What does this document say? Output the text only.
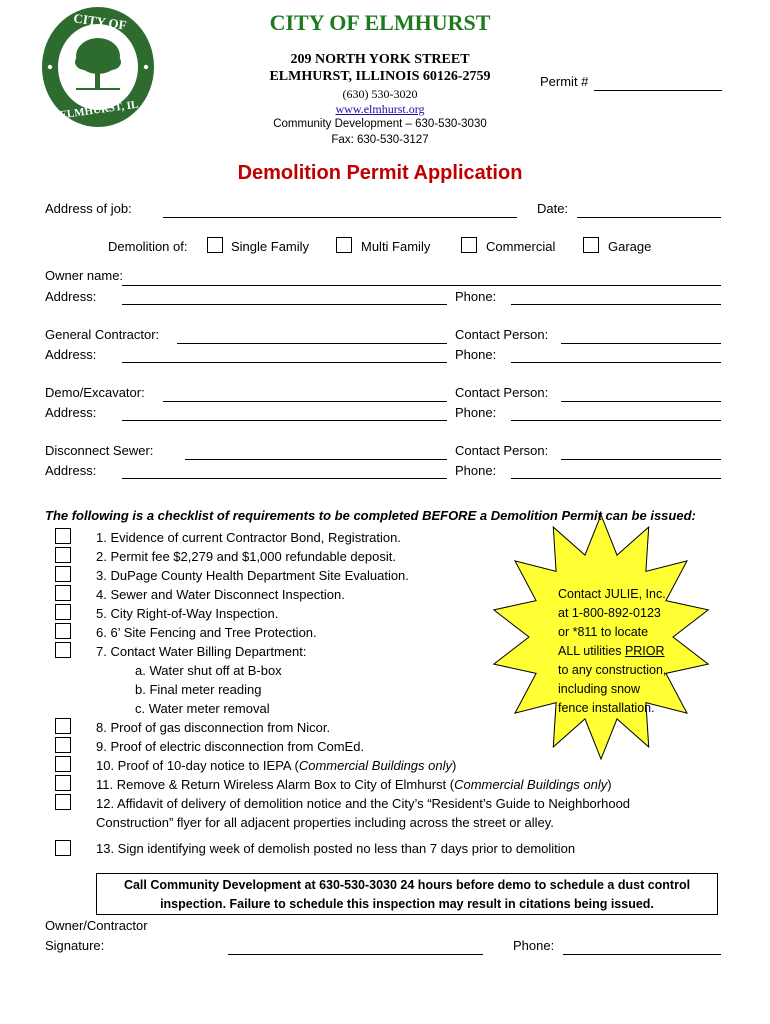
CITY OF
ELMHURST, IL
CITY OF ELMHURST
209 NORTH YORK STREET
ELMHURST, ILLINOIS 60126-2759
(630) 530-3020
www.elmhurst.org
Community Development – 630-530-3030
Fax: 630-530-3127
Permit #
Demolition Permit Application
Address of job:	Date:
Demolition of:	Single Family	Multi Family	Commercial	Garage
Owner name:
Address:	Phone:
General Contractor:	Contact Person:
Address:	Phone:
Demo/Excavator:	Contact Person:
Address:	Phone:
Disconnect Sewer:	Contact Person:
Address:	Phone:
The following is a checklist of requirements to be completed BEFORE a Demolition Permit can be issued:
1. Evidence of current Contractor Bond, Registration.
2. Permit fee $2,279 and $1,000 refundable deposit.
3. DuPage County Health Department Site Evaluation.
4. Sewer and Water Disconnect Inspection.
5. City Right-of-Way Inspection.
6. 6’ Site Fencing and Tree Protection.
7. Contact Water Billing Department:
a. Water shut off at B-box
b. Final meter reading
c. Water meter removal
8. Proof of gas disconnection from Nicor.
9. Proof of electric disconnection from ComEd.
10. Proof of 10-day notice to IEPA (Commercial Buildings only)
11. Remove & Return Wireless Alarm Box to City of Elmhurst (Commercial Buildings only)
12. Affidavit of delivery of demolition notice and the City’s “Resident’s Guide to Neighborhood
Construction” flyer for all adjacent properties including across the street or alley.
13. Sign identifying week of demolish posted no less than 7 days prior to demolition
Contact JULIE, Inc.
at 1-800-892-0123
or *811 to locate
ALL utilities PRIOR
to any construction,
including snow
fence installation.
Call Community Development at 630-530-3030 24 hours before demo to schedule a dust control
inspection. Failure to schedule this inspection may result in citations being issued.
Owner/Contractor
Signature:	Phone:
